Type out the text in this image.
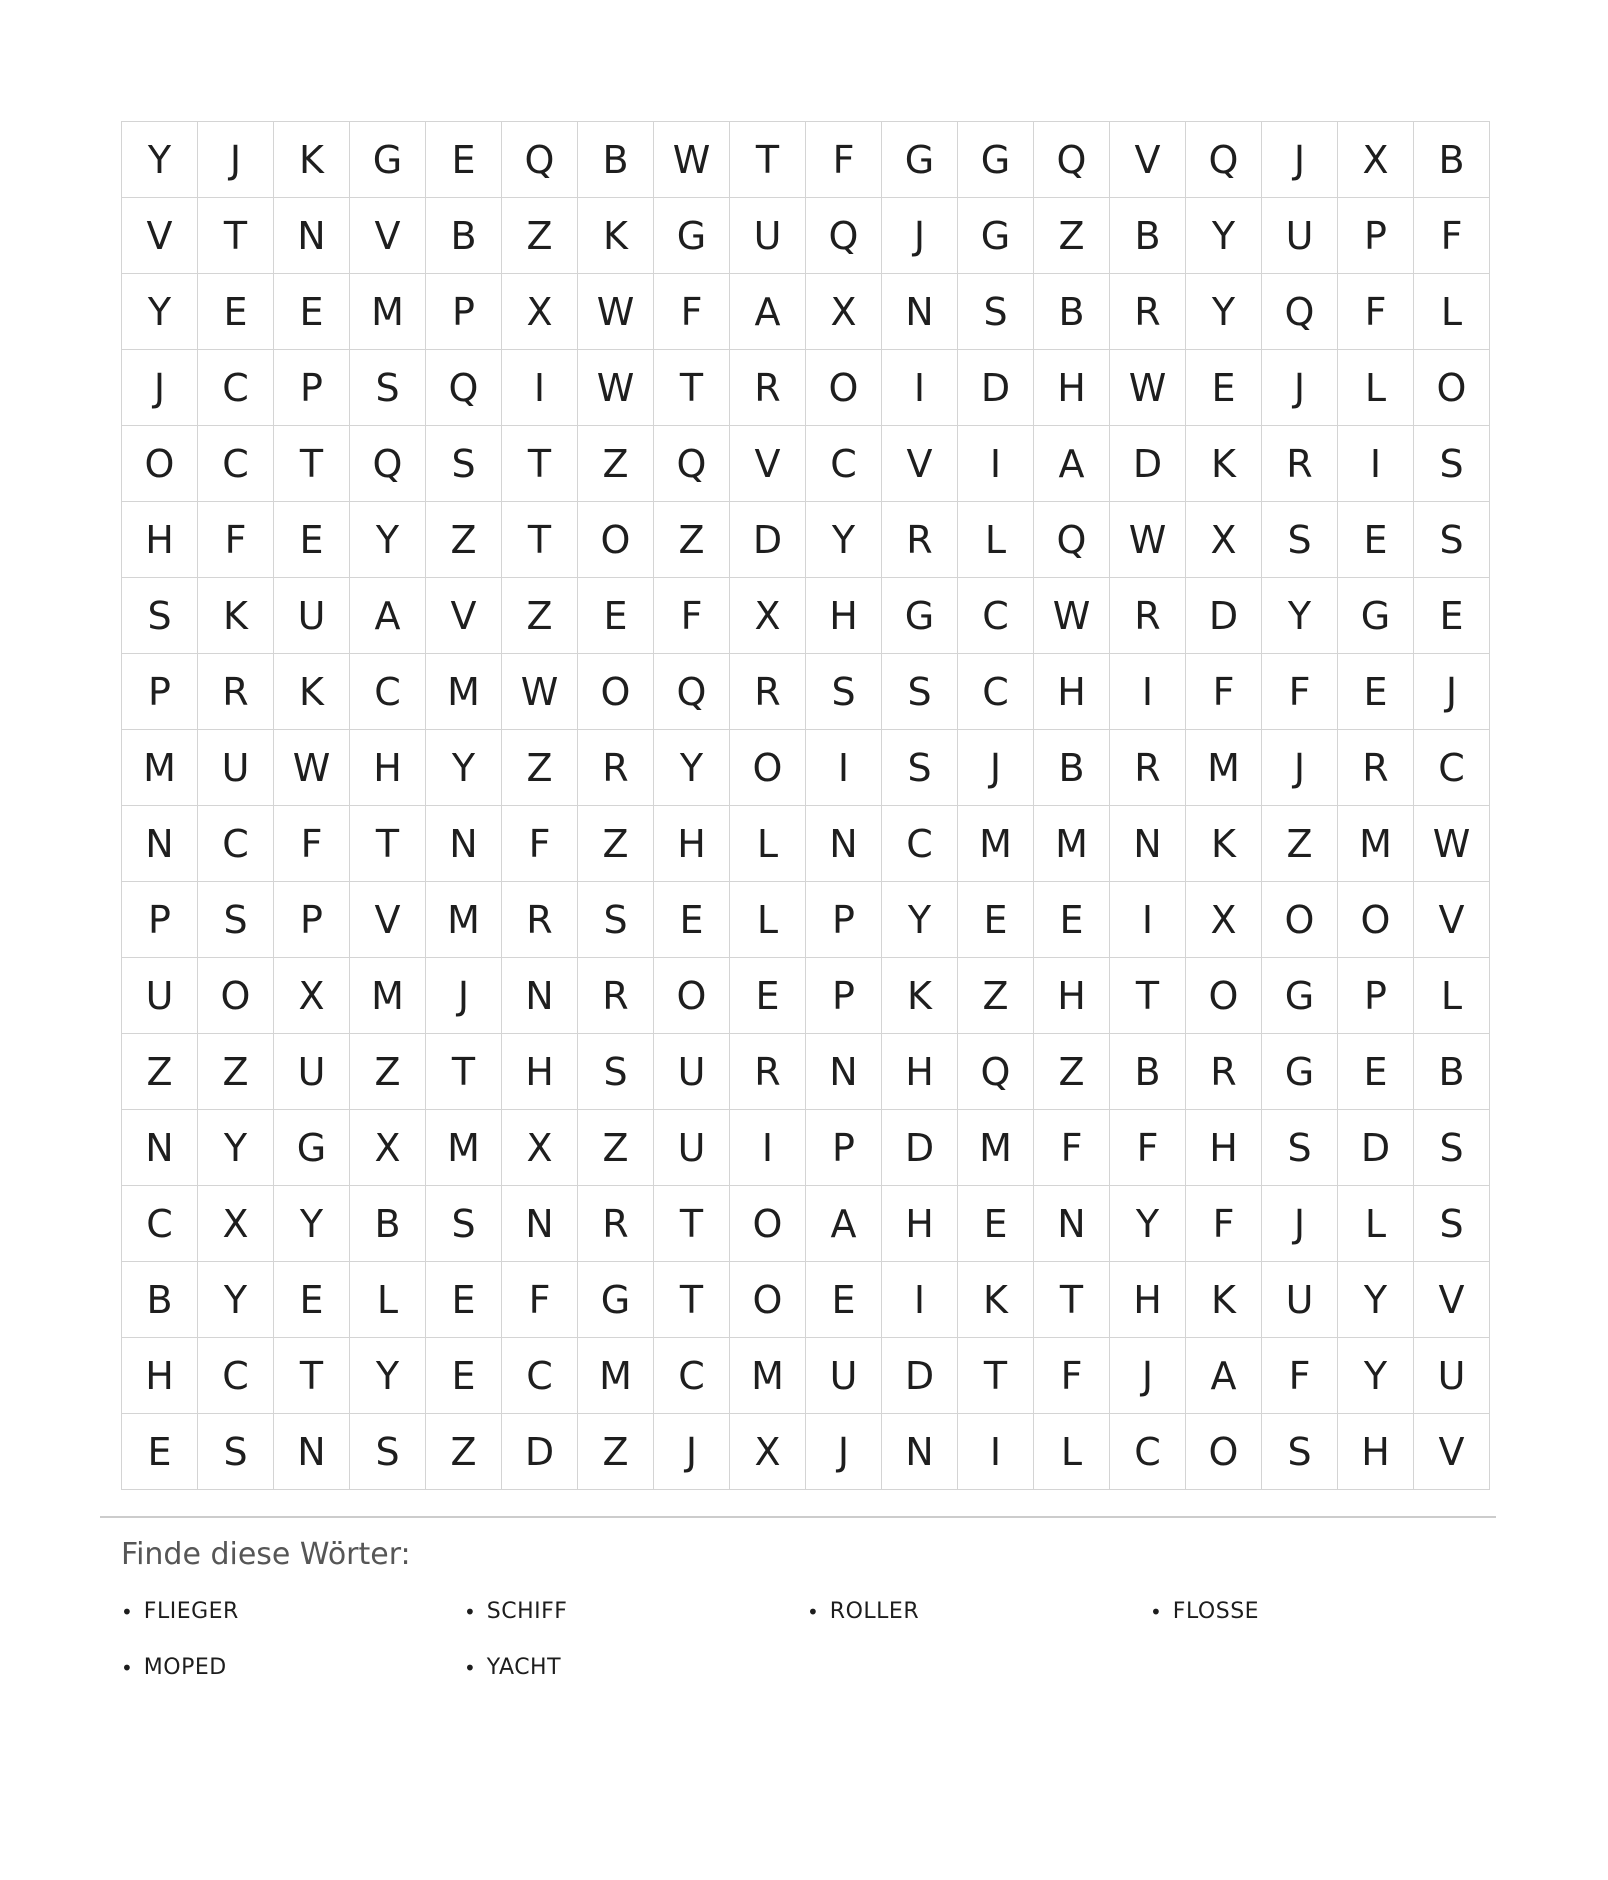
Y	J	K	G	E	Q	B	W	T	F	G	G	Q	V	Q	J	X	B
V	T	N	V	B	Z	K	G	U	Q	J	G	Z	B	Y	U	P	F
Y	E	E	M	P	X	W	F	A	X	N	S	B	R	Y	Q	F	L
J	C	P	S	Q	I	W	T	R	O	I	D	H	W	E	J	L	O
O	C	T	Q	S	T	Z	Q	V	C	V	I	A	D	K	R	I	S
H	F	E	Y	Z	T	O	Z	D	Y	R	L	Q	W	X	S	E	S
S	K	U	A	V	Z	E	F	X	H	G	C	W	R	D	Y	G	E
P	R	K	C	M	W	O	Q	R	S	S	C	H	I	F	F	E	J
M	U	W	H	Y	Z	R	Y	O	I	S	J	B	R	M	J	R	C
N	C	F	T	N	F	Z	H	L	N	C	M	M	N	K	Z	M	W
P	S	P	V	M	R	S	E	L	P	Y	E	E	I	X	O	O	V
U	O	X	M	J	N	R	O	E	P	K	Z	H	T	O	G	P	L
Z	Z	U	Z	T	H	S	U	R	N	H	Q	Z	B	R	G	E	B
N	Y	G	X	M	X	Z	U	I	P	D	M	F	F	H	S	D	S
C	X	Y	B	S	N	R	T	O	A	H	E	N	Y	F	J	L	S
B	Y	E	L	E	F	G	T	O	E	I	K	T	H	K	U	Y	V
H	C	T	Y	E	C	M	C	M	U	D	T	F	J	A	F	Y	U
E	S	N	S	Z	D	Z	J	X	J	N	I	L	C	O	S	H	V
Finde diese Wörter:
• FLIEGER	• SCHIFF	• ROLLER	• FLOSSE
• MOPED	• YACHT
